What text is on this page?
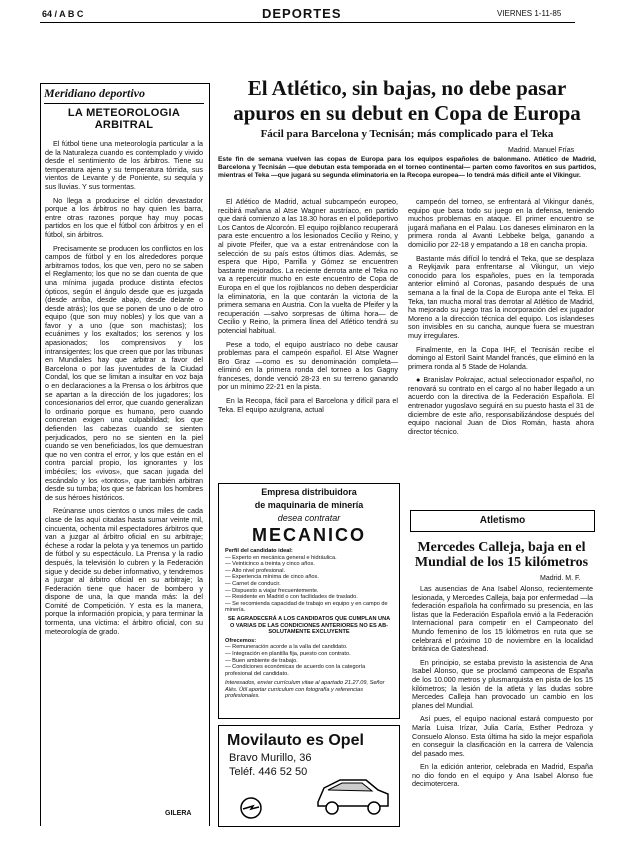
64 / A B C	DEPORTES	VIERNES 1-11-85
Meridiano deportivo
LA METEOROLOGIA ARBITRAL

El fútbol tiene una meteorología particular a la de la Naturaleza cuando es contemplado y vivido desde el sentimiento de los árbitros. Tiene su temperatura ajena y su temperatura tórrida, sus vientos de Levante y de Poniente, su sequía y sus lluvias. Y sus tormentas.

No llega a producirse el ciclón devastador porque a los árbitros no hay quien les barra, entre otras razones porque hay muy pocas partidos en los que el fútbol con árbitros y en el fútbol, sin árbitros.

Precisamente se producen los conflictos en los campos de fútbol y en los alrededores porque arbitramos todos, los que ven, pero no se saben el Reglamento; los que no se dan cuenta de que una mínima jugada produce distinta efectos ópticos, según el ángulo desde que es juzgada (desde arriba, desde abajo, desde delante o desde atrás); los que se ponen de uno o de otro equipo (que son muy nobles) y los que van a favor y a uno (que son machistas); los ecuánimes y los exaltados; los serenos y los apasionados; los comprensivos y los intransigentes; los que creen que por las tribunas en Mundiales hay que arbitrar a favor del Barcelona o por las juventudes de la Ciudad Condal, los que se limitan a insultar en voz baja o en declaraciones a la Prensa o los árbitros que se apartan a la dirección de los jugadores; los concesionarios del error, que cuando generalizan lo ordinario porque es humano, pero cuando concretan exigen una culpabilidad; los que defienden las cabezas cuando se sienten perjudicados, pero no se sienten en la piel cuando se ven beneficiados, los que demuestran que no ven contra el error, y los que están en el contra parcial propio, los ignorantes y los imbéciles; los «vivos», que sacan jugada del escándalo y los «tontos», que también arbitran desde su tumba; los que se fabrican los hombres de sus héroes históricos.

Reúnanse unos cientos o unos miles de cada clase de las aquí citadas hasta sumar veinte mil, cincuenta, ochenta mil espectadores árbitros que van a juzgar al árbitro oficial en su arbitraje; échese a rodar la pelota y ya tenemos un partido de fútbol y su espectáculo. La Prensa y la radio después, la televisión lo cubren y la Federación sigue y decide su deber informativo, y tendremos a juzgar al árbitro oficial en su arbitraje; la Federación tiene que hacer de bombero y dispone de una, la que manda más: la del Comité de Competición. Y esta es la manera, porque la información propicia, y para terminar la tormenta, una víctima: el árbitro oficial, con su meteorología de grado.

GILERA
El Atlético, sin bajas, no debe pasar apuros en su debut en Copa de Europa
Fácil para Barcelona y Tecnisán; más complicado para el Teka
Madrid. Manuel Frías
Este fin de semana vuelven las copas de Europa para los equipos españoles de balonmano. Atlético de Madrid, Barcelona y Tecnisán —que debutan esta temporada en el torneo continental— parten como favoritos en sus partidos, mientras el Teka —que jugará su segunda eliminatoria en la Recopa europea— lo tendrá más difícil ante el Vikingur.

El Atlético de Madrid, actual subcampeón europeo, recibirá mañana al Atse Wagner austríaco, en partido que dará comienzo a las 18.30 horas en el polideportivo Los Cantos de Alcorcón. El equipo rojiblanco recuperará para este encuentro a los lesionados Cecilio y Reino, y al pivote Pfeifer, que va a estar entrenándose con la selección de su país estos últimos días. Además, se espera que Hipo, Parrilla y Gómez se encuentren bastante mejorados. La reciente derrota ante el Teka no va a repercutir mucho en este encuentro de Copa de Europa en el que los rojiblancos no deben desperdiciar la eliminatoria, en la que contarán la victoria de la primera semana en Austria. Con la vuelta de Pfeifer y la recuperación —salvo sorpresas de última hora— de Cecilio y Reino, la primera línea del Atlético tendrá su potencial habitual.

Pese a todo, el equipo austríaco no debe causar problemas para el campeón español. El Atse Wagner Bro Graz —como es su denominación completa— eliminó en la primera ronda del torneo a los Gagny franceses, donde venció 28-23 en su terreno ganando por un mínimo 22-21 en la pista.

En la Recopa, fácil para el Barcelona y difícil para el Teka. El equipo azulgrana, actual

campeón del torneo, se enfrentará al Vikingur danés, equipo que basa todo su juego en la defensa, teniendo muchos problemas en ataque. El primer encuentro se jugará mañana en el Palau. Los daneses eliminaron en la primera ronda al Avanti Lebbeke belga, ganando a domicilio por 22-18 y empatando a 18 en cancha propia.

Bastante más difícil lo tendrá el Teka, que se desplaza a Reykjavik para enfrentarse al Vikingur, un viejo conocido para los españoles, pues en la temporada anterior eliminó al Coronas, pasando después de una semana a la final de la Copa de Europa ante el Teka. El Teka, tan mucha moral tras derrotar al Atlético de Madrid, ha mejorado su juego tras la incorporación del ex jugador Moreno a la dirección técnica del equipo. Los islandeses son invisibles en su cancha, aunque fuera se muestran muy irregulares.

Finalmente, en la Copa IHF, el Tecnisán recibe el domingo al Estoril Saint Mandel francés, que eliminó en la primera ronda al 5 Stade de Holanda.

● Branislav Pokrajac, actual seleccionador español, no renovará su contrato en el cargo al no haber llegado a un acuerdo con la directiva de la Federación Española. El entrenador yugoslavo seguirá en su puesto hasta el 31 de diciembre de este año, responsabilizándose después del equipo nacional Juan de Dios Román, hasta ahora director técnico.

Empresa distribuidora
de maquinaria de minería
desea contratar
MECANICO
Perfil del candidato ideal:
— Experto en mecánica general e hidráulica.
— Veinticinco a treinta y cinco años.
— Alto nivel profesional.
— Experiencia mínima de cinco años.
— Carnet de conducir.
— Dispuesto a viajar frecuentemente.
— Residente en Madrid o con facilidades de traslado.
— Se recomienda capacidad de trabajo en equipo y en campo de minería.
SE AGRADECERÁ A LOS CANDIDATOS QUE CUMPLAN UNA O VARIAS DE LAS CONDICIONES ANTERIORES NO ES AB-SOLUTAMENTE EXCLUYENTE
Ofrecemos:
— Remuneración acorde a la valía del candidato.
— Integración en plantilla fija, puesto con contrato.
— Buen ambiente de trabajo.
— Condiciones económicas de acuerdo con la categoría profesional del candidato.
Interesados, enviar currículum vitae al apartado 21.27.09, Señor Alés. Útil aportar curriculum con fotografía y referencias profesionales.
Movilauto es Opel
Bravo Murillo, 36
Teléf. 446 52 50
Atletismo
Mercedes Calleja, baja en el Mundial de los 15 kilómetros
Madrid. M. F.

Las ausencias de Ana Isabel Alonso, recientemente lesionada, y Mercedes Calleja, baja por enfermedad —la federación española ha confirmado su presencia, en las listas que la Federación Española envió a la Federación Internacional para competir en el Campeonato del Mundo femenino de los 15 kilómetros en ruta que se celebrará el próximo 10 de noviembre en la localidad británica de Gateshead.

En principio, se estaba previsto la asistencia de Ana Isabel Alonso, que se proclamó campeona de España de los 10.000 metros y plusmarquista en pista de los 15 kilómetros; la lesión de la atleta y las dudas sobre Mercedes Calleja han provocado un cambio en los planes del Mundial.

Así pues, el equipo nacional estará compuesto por María Luisa Irízar, Julia Caría, Esther Pedroza y Consuelo Alonso. Esta última ha sido la mejor española en conseguir la clasificación en la carrera de Valencia del pasado mes.

En la edición anterior, celebrada en Madrid, España no dio fondo en el equipo y Ana Isabel Alonso fue decimotercera.
